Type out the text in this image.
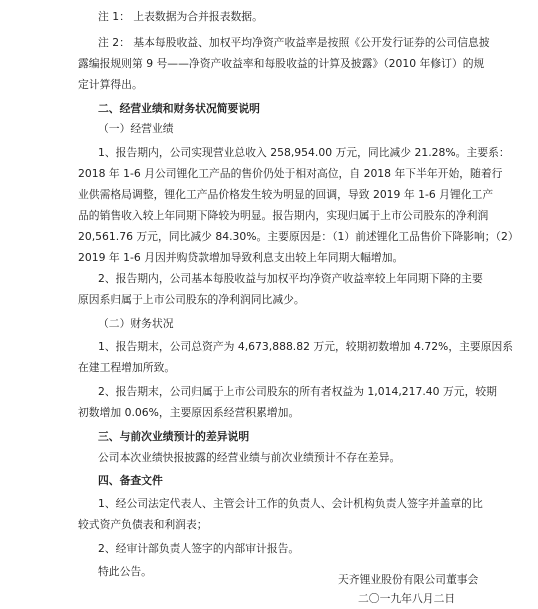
注 1： 上表数据为合并报表数据。
注 2： 基本每股收益、加权平均净资产收益率是按照《公开发行证券的公司信息披
露编报规则第 9 号——净资产收益率和每股收益的计算及披露》（2010 年修订）的规
定计算得出。
二、经营业绩和财务状况简要说明
（一）经营业绩
1、报告期内，公司实现营业总收入 258,954.00 万元，同比减少 21.28%。主要系：
2018 年 1-6 月公司锂化工产品的售价仍处于相对高位，自 2018 年下半年开始，随着行
业供需格局调整，锂化工产品价格发生较为明显的回调，导致 2019 年 1-6 月锂化工产
品的销售收入较上年同期下降较为明显。报告期内，实现归属于上市公司股东的净利润
20,561.76 万元，同比减少 84.30%。主要原因是：（1）前述锂化工品售价下降影响；（2）
2019 年 1-6 月因并购贷款增加导致利息支出较上年同期大幅增加。
2、报告期内，公司基本每股收益与加权平均净资产收益率较上年同期下降的主要
原因系归属于上市公司股东的净利润同比减少。
（二）财务状况
1、报告期末，公司总资产为 4,673,888.82 万元，较期初数增加 4.72%，主要原因系
在建工程增加所致。
2、报告期末，公司归属于上市公司股东的所有者权益为 1,014,217.40 万元，较期
初数增加 0.06%，主要原因系经营积累增加。
三、与前次业绩预计的差异说明
公司本次业绩快报披露的经营业绩与前次业绩预计不存在差异。
四、备查文件
1、经公司法定代表人、主管会计工作的负责人、会计机构负责人签字并盖章的比
较式资产负债表和利润表；
2、经审计部负责人签字的内部审计报告。
特此公告。
天齐锂业股份有限公司董事会
二〇一九年八月二日
